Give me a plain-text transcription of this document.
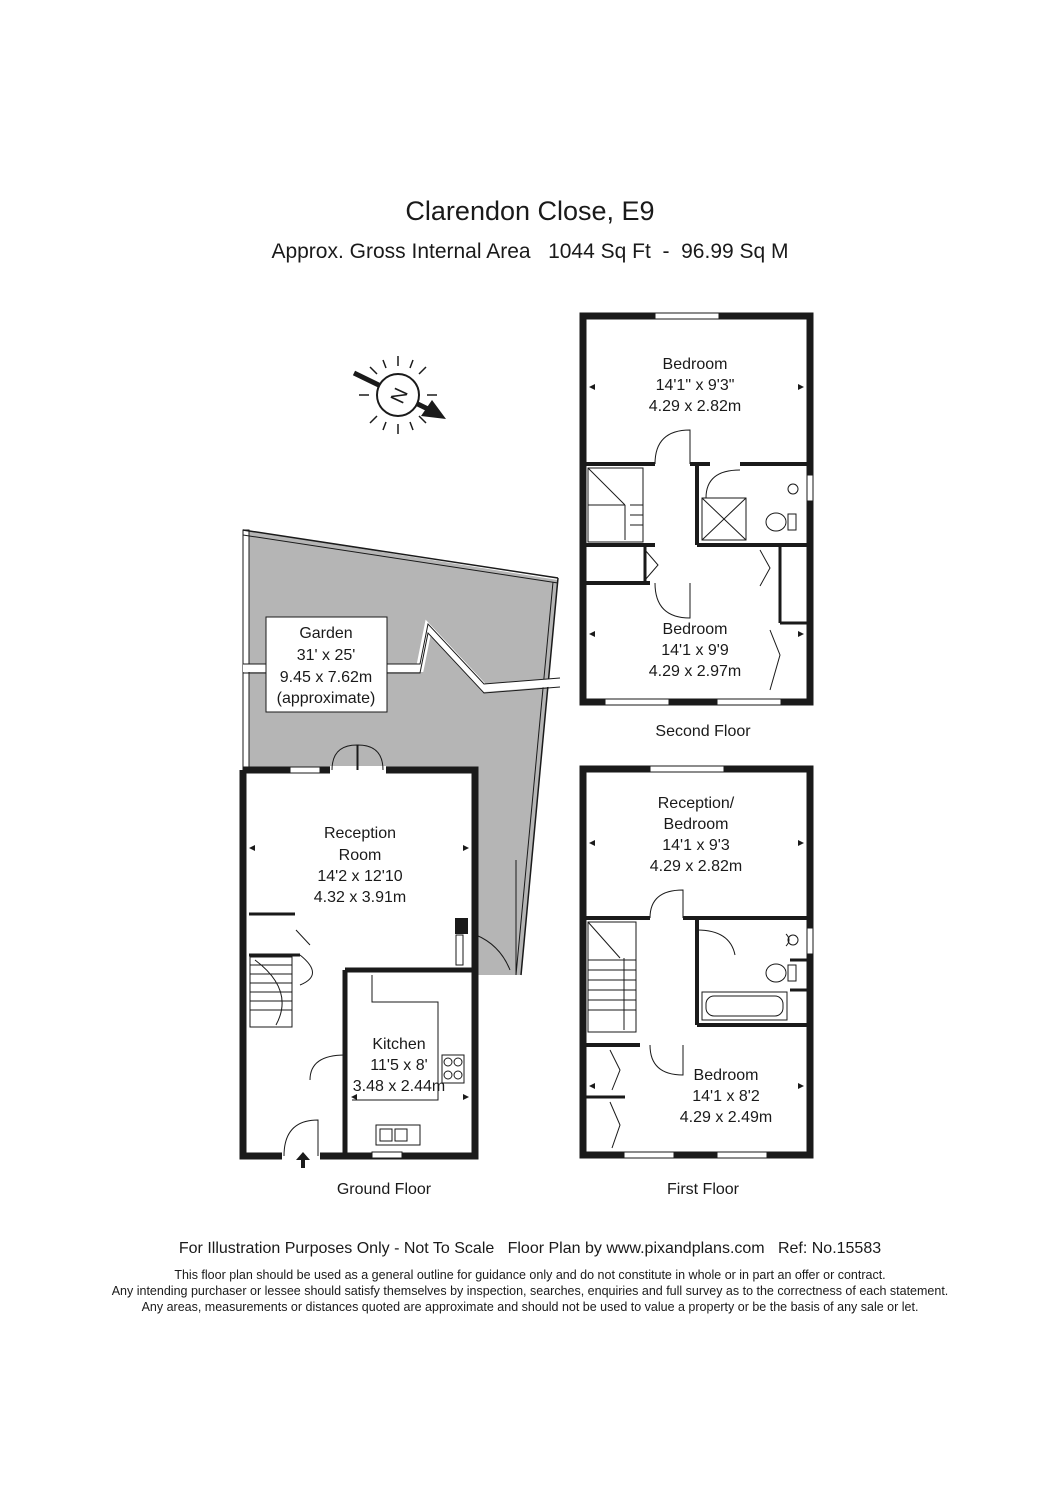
Clarendon Close, E9
Approx. Gross Internal Area   1044 Sq Ft  -  96.99 Sq M
N
Garden
31' x 25'
9.45 x 7.62m
(approximate)
Reception
Room
14'2 x 12'10
4.32 x 3.91m
Kitchen
11'5 x 8'
3.48 x 2.44m
Ground Floor
Reception/
Bedroom
14'1 x 9'3
4.29 x 2.82m
Bedroom
14'1 x 8'2
4.29 x 2.49m
First Floor
Bedroom
14'1" x 9'3"
4.29 x 2.82m
Bedroom
14'1 x 9'9
4.29 x 2.97m
Second Floor
For Illustration Purposes Only - Not To Scale   Floor Plan by www.pixandplans.com   Ref: No.15583
This floor plan should be used as a general outline for guidance only and do not constitute in whole or in part an offer or contract.
Any intending purchaser or lessee should satisfy themselves by inspection, searches, enquiries and full survey as to the correctness of each statement.
Any areas, measurements or distances quoted are approximate and should not be used to value a property or be the basis of any sale or let.
